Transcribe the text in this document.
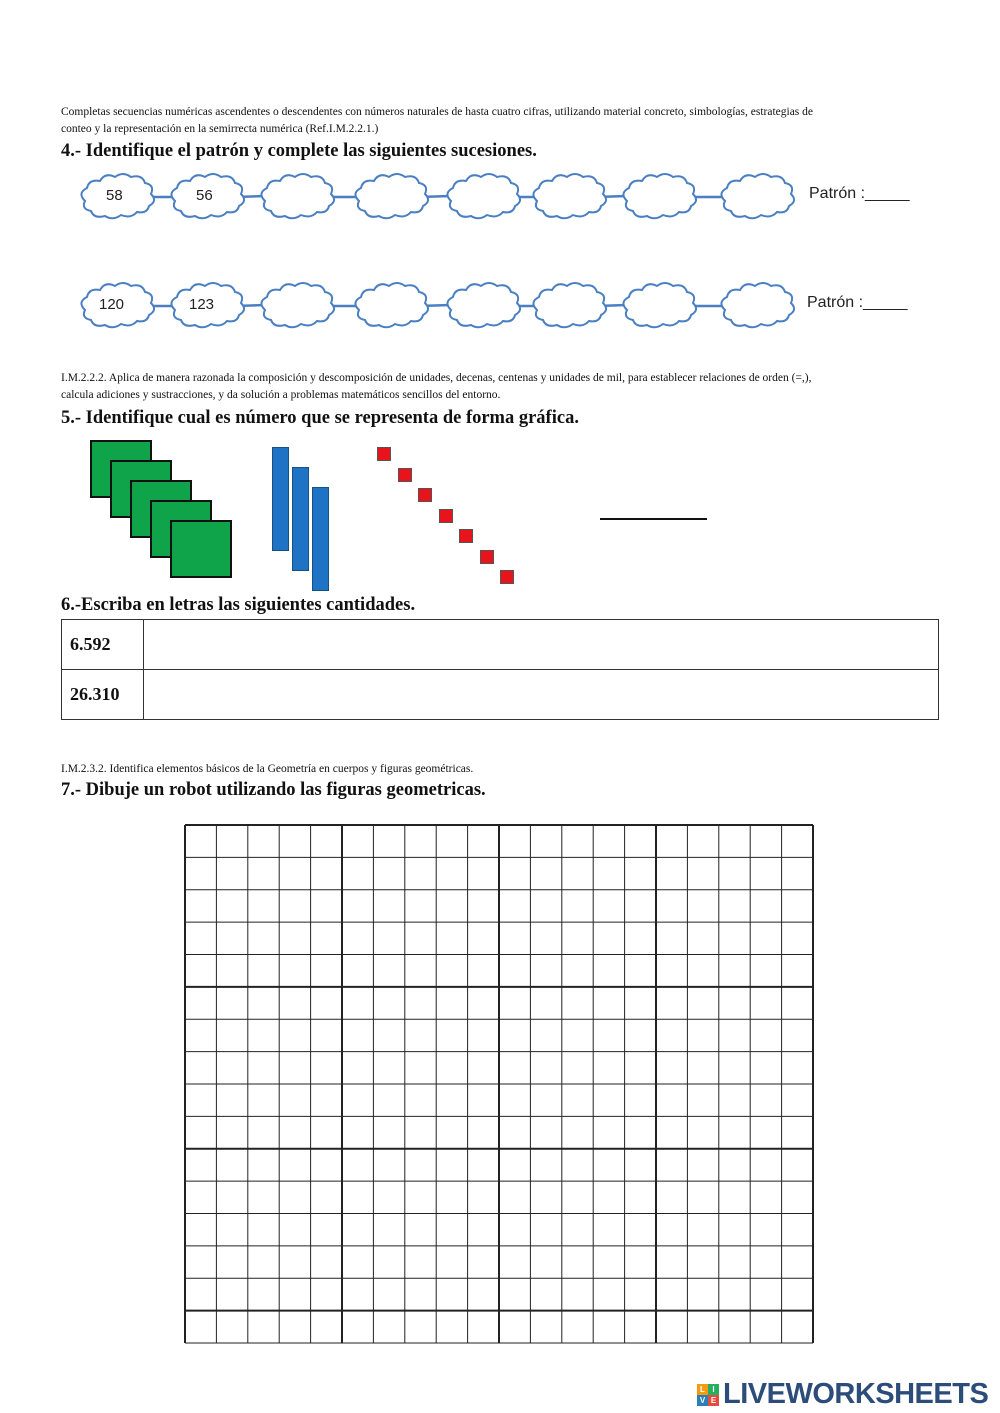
Completas secuencias numéricas ascendentes o descendentes con números naturales de hasta cuatro cifras, utilizando material concreto, simbologías, estrategias de
conteo y la representación en la semirrecta numérica (Ref.I.M.2.2.1.)
4.- Identifique el patrón y complete las siguientes sucesiones.
58	56	Patrón :_____
120	123	Patrón :_____
I.M.2.2.2. Aplica de manera razonada la composición y descomposición de unidades, decenas, centenas y unidades de mil, para establecer relaciones de orden (=,),
calcula adiciones y sustracciones, y da solución a problemas matemáticos sencillos del entorno.
5.- Identifique cual es número que se representa de forma gráfica.
6.-Escriba en letras las siguientes cantidades.
6.592	
26.310	
I.M.2.3.2. Identifica elementos básicos de la Geometría en cuerpos y figuras geométricas.
7.- Dibuje un robot utilizando las figuras geometricas.
L I
V E LIVEWORKSHEETS
